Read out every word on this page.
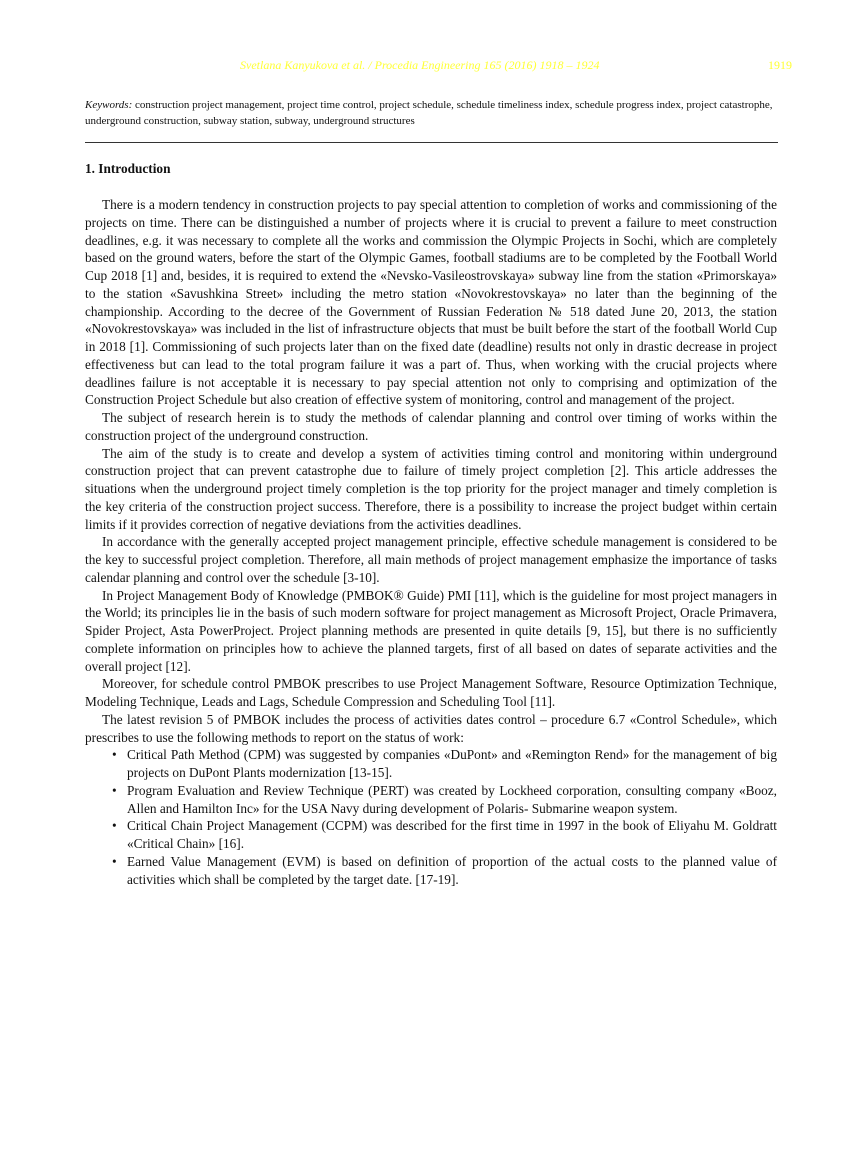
Svetlana Kanyukova et al. / Procedia Engineering 165 (2016) 1918 – 1924	1919
Keywords: construction project management, project time control, project schedule, schedule timeliness index, schedule progress index, project catastrophe, underground construction, subway station, subway, underground structures
1. Introduction

There is a modern tendency in construction projects to pay special attention to completion of works and commissioning of the projects on time. There can be distinguished a number of projects where it is crucial to prevent a failure to meet construction deadlines, e.g. it was necessary to complete all the works and commission the Olympic Projects in Sochi, which are completely based on the ground waters, before the start of the Olympic Games, football stadiums are to be completed by the Football World Cup 2018 [1] and, besides, it is required to extend the «Nevsko-Vasileostrovskaya» subway line from the station «Primorskaya» to the station «Savushkina Street» including the metro station «Novokrestovskaya» no later than the beginning of the championship. According to the decree of the Government of Russian Federation № 518 dated June 20, 2013, the station «Novokrestovskaya» was included in the list of infrastructure objects that must be built before the start of the football World Cup in 2018 [1]. Commissioning of such projects later than on the fixed date (deadline) results not only in drastic decrease in project effectiveness but can lead to the total program failure it was a part of. Thus, when working with the crucial projects where deadlines failure is not acceptable it is necessary to pay special attention not only to comprising and optimization of the Construction Project Schedule but also creation of effective system of monitoring, control and management of the project.

The subject of research herein is to study the methods of calendar planning and control over timing of works within the construction project of the underground construction.

The aim of the study is to create and develop a system of activities timing control and monitoring within underground construction project that can prevent catastrophe due to failure of timely project completion [2]. This article addresses the situations when the underground project timely completion is the top priority for the project manager and timely completion is the key criteria of the construction project success. Therefore, there is a possibility to increase the project budget within certain limits if it provides correction of negative deviations from the activities deadlines.

In accordance with the generally accepted project management principle, effective schedule management is considered to be the key to successful project completion. Therefore, all main methods of project management emphasize the importance of tasks calendar planning and control over the schedule [3-10].

In Project Management Body of Knowledge (PMBOK® Guide) PMI [11], which is the guideline for most project managers in the World; its principles lie in the basis of such modern software for project management as Microsoft Project, Oracle Primavera, Spider Project, Asta PowerProject. Project planning methods are presented in quite details [9, 15], but there is no sufficiently complete information on principles how to achieve the planned targets, first of all based on dates of separate activities and the overall project [12].

Moreover, for schedule control PMBOK prescribes to use Project Management Software, Resource Optimization Technique, Modeling Technique, Leads and Lags, Schedule Compression and Scheduling Tool [11].

The latest revision 5 of PMBOK includes the process of activities dates control – procedure 6.7 «Control Schedule», which prescribes to use the following methods to report on the status of work:

• Critical Path Method (CPM) was suggested by companies «DuPont» and «Remington Rend» for the management of big projects on DuPont Plants modernization [13-15].
• Program Evaluation and Review Technique (PERT) was created by Lockheed corporation, consulting company «Booz, Allen and Hamilton Inc» for the USA Navy during development of Polaris- Submarine weapon system.
• Critical Chain Project Management (CCPM) was described for the first time in 1997 in the book of Eliyahu M. Goldratt «Critical Chain» [16].
• Earned Value Management (EVM) is based on definition of proportion of the actual costs to the planned value of activities which shall be completed by the target date. [17-19].
